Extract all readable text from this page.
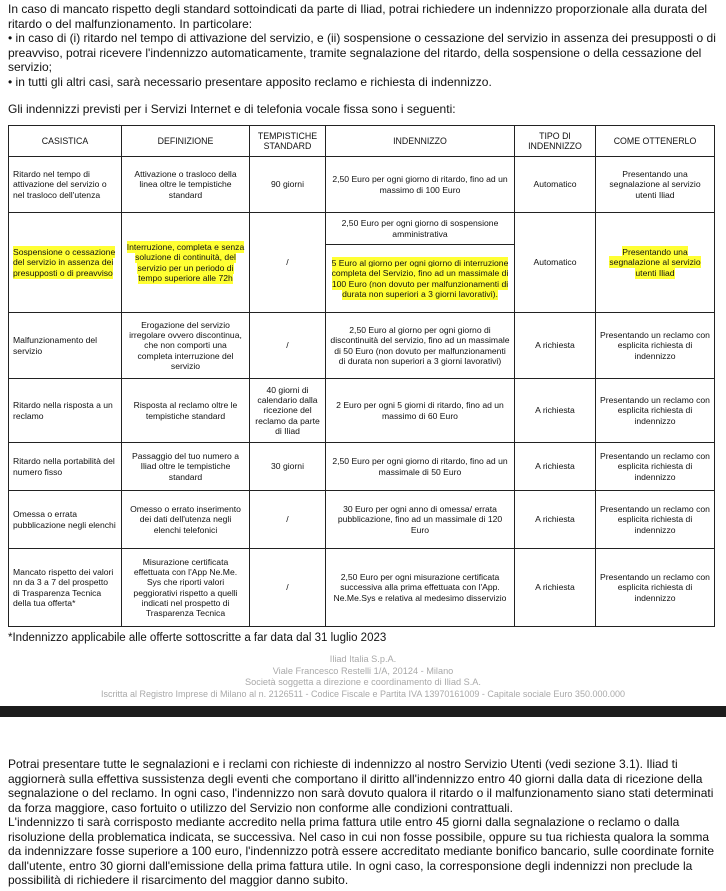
In caso di mancato rispetto degli standard sottoindicati da parte di Iliad, potrai richiedere un indennizzo proporzionale alla durata del ritardo o del malfunzionamento. In particolare:

• in caso di (i) ritardo nel tempo di attivazione del servizio, e (ii) sospensione o cessazione del servizio in assenza dei presupposti o di preavviso, potrai ricevere l'indennizzo automaticamente, tramite segnalazione del ritardo, della sospensione o della cessazione del servizio;

• in tutti gli altri casi, sarà necessario presentare apposito reclamo e richiesta di indennizzo.

Gli indennizzi previsti per i Servizi Internet e di telefonia vocale fissa sono i seguenti:
CASISTICA	DEFINIZIONE	TEMPISTICHE STANDARD	INDENNIZZO	TIPO DI INDENNIZZO	COME OTTENERLO
Ritardo nel tempo di attivazione del servizio o nel trasloco dell'utenza	Attivazione o trasloco della linea oltre le tempistiche standard	90 giorni	2,50 Euro per ogni giorno di ritardo, fino ad un massimo di 100 Euro	Automatico	Presentando una segnalazione al servizio utenti Iliad
Sospensione o cessazione del servizio in assenza dei presupposti o di preavviso	Interruzione, completa e senza soluzione di continuità, del servizio per un periodo di tempo superiore alle 72h	/	2,50 Euro per ogni giorno di sospensione amministrativa	Automatico	Presentando una segnalazione al servizio utenti Iliad
			5 Euro al giorno per ogni giorno di interruzione completa del Servizio, fino ad un massimale di 100 Euro (non dovuto per malfunzionamenti di durata non superiori a 3 giorni lavorativi).		
Malfunzionamento del servizio	Erogazione del servizio irregolare ovvero discontinua, che non comporti una completa interruzione del servizio	/	2,50 Euro al giorno per ogni giorno di discontinuità del servizio, fino ad un massimale di 50 Euro (non dovuto per malfunzionamenti di durata non superiori a 3 giorni lavorativi)	A richiesta	Presentando un reclamo con esplicita richiesta di indennizzo
Ritardo nella risposta a un reclamo	Risposta al reclamo oltre le tempistiche standard	40 giorni di calendario dalla ricezione del reclamo da parte di Iliad	2 Euro per ogni 5 giorni di ritardo, fino ad un massimo di 60 Euro	A richiesta	Presentando un reclamo con esplicita richiesta di indennizzo
Ritardo nella portabilità del numero fisso	Passaggio del tuo numero a Iliad oltre le tempistiche standard	30 giorni	2,50 Euro per ogni giorno di ritardo, fino ad un massimale di 50 Euro	A richiesta	Presentando un reclamo con esplicita richiesta di indennizzo
Omessa o errata pubblicazione negli elenchi	Omesso o errato inserimento dei dati dell'utenza negli elenchi telefonici	/	30 Euro per ogni anno di omessa/ errata pubblicazione, fino ad un massimale di 120 Euro	A richiesta	Presentando un reclamo con esplicita richiesta di indennizzo
Mancato rispetto dei valori nn da 3 a 7 del prospetto di Trasparenza Tecnica della tua offerta*	Misurazione certificata effettuata con l'App Ne.Me. Sys che riporti valori peggiorativi rispetto a quelli indicati nel prospetto di Trasparenza Tecnica	/	2,50 Euro per ogni misurazione certificata successiva alla prima effettuata con l'App. Ne.Me.Sys e relativa al medesimo disservizio	A richiesta	Presentando un reclamo con esplicita richiesta di indennizzo
*Indennizzo applicabile alle offerte sottoscritte a far data dal 31 luglio 2023
Iliad Italia S.p.A.
Viale Francesco Restelli 1/A, 20124 - Milano
Società soggetta a direzione e coordinamento di Iliad S.A.
Iscritta al Registro Imprese di Milano al n. 2126511 - Codice Fiscale e Partita IVA 13970161009 - Capitale sociale Euro 350.000.000

Potrai presentare tutte le segnalazioni e i reclami con richieste di indennizzo al nostro Servizio Utenti (vedi sezione 3.1). Iliad ti aggiornerà sulla effettiva sussistenza degli eventi che comportano il diritto all'indennizzo entro 40 giorni dalla data di ricezione della segnalazione o del reclamo. In ogni caso, l'indennizzo non sarà dovuto qualora il ritardo o il malfunzionamento siano stati determinati da forza maggiore, caso fortuito o utilizzo del Servizio non conforme alle condizioni contrattuali.

L'indennizzo ti sarà corrisposto mediante accredito nella prima fattura utile entro 45 giorni dalla segnalazione o reclamo o dalla risoluzione della problematica indicata, se successiva. Nel caso in cui non fosse possibile, oppure su tua richiesta qualora la somma da indennizzare fosse superiore a 100 euro, l'indennizzo potrà essere accreditato mediante bonifico bancario, sulle coordinate fornite dall'utente, entro 30 giorni dall'emissione della prima fattura utile. In ogni caso, la corresponsione degli indennizzi non preclude la possibilità di richiedere il risarcimento del maggior danno subito.
